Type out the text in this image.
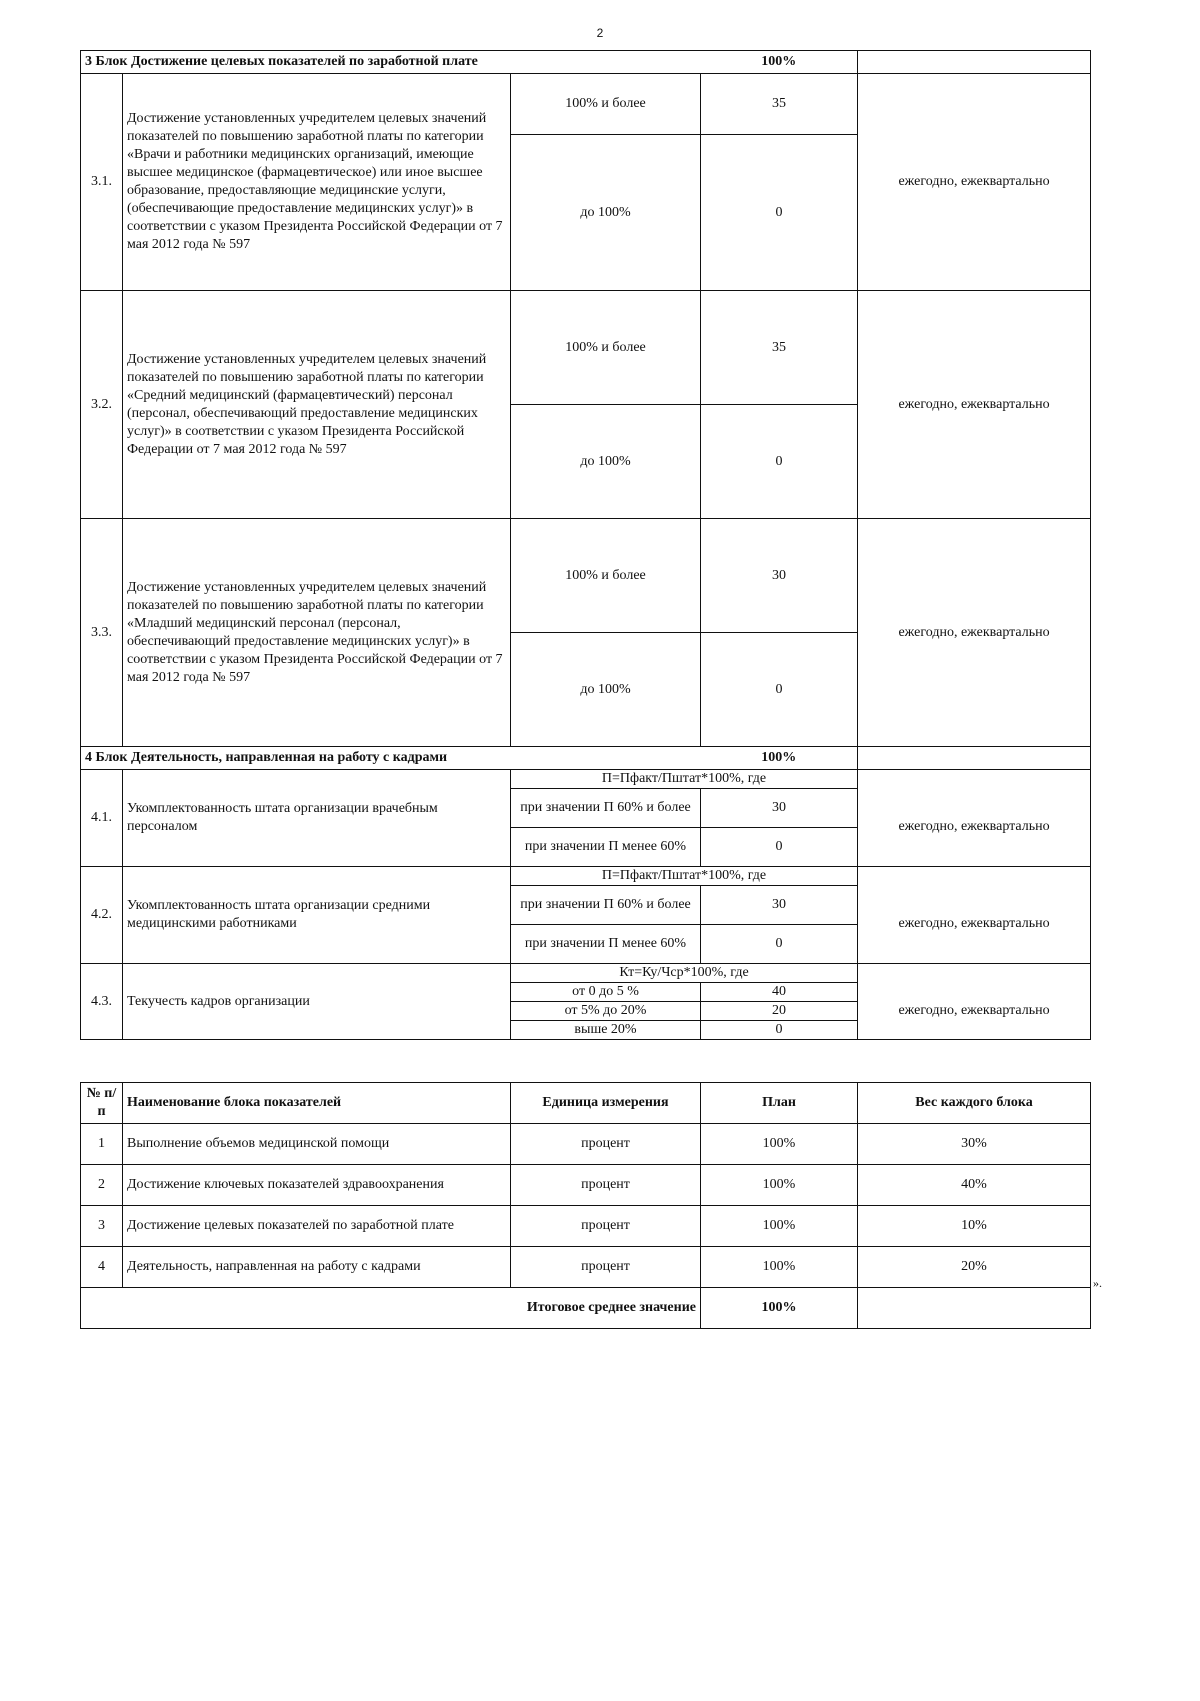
2
3 Блок Достижение целевых показателей по заработной плате			100%	
3.1.	Достижение установленных учредителем целевых значений показателей по повышению заработной платы по категории «Врачи и работники медицинских организаций, имеющие высшее медицинское (фармацевтическое) или иное высшее образование, предоставляющие медицинские услуги, (обеспечивающие предоставление медицинских услуг)» в соответствии с указом Президента Российской Федерации от 7 мая 2012 года № 597	100% и более	35	ежегодно, ежеквартально
		до 100%	0	
3.2.	Достижение установленных учредителем целевых значений показателей по повышению заработной платы по категории «Средний медицинский (фармацевтический) персонал (персонал, обеспечивающий предоставление медицинских услуг)» в соответствии с указом Президента Российской Федерации от 7 мая 2012 года № 597	100% и более	35	ежегодно, ежеквартально
		до 100%	0	
3.3.	Достижение установленных учредителем целевых значений показателей по повышению заработной платы по категории «Младший медицинский персонал (персонал, обеспечивающий предоставление медицинских услуг)» в соответствии с указом Президента Российской Федерации от 7 мая 2012 года № 597	100% и более	30	ежегодно, ежеквартально
		до 100%	0	
4 Блок Деятельность, направленная на работу с кадрами			100%	
4.1.	Укомплектованность штата организации врачебным персоналом	П=Пфакт/Пштат*100%, где		
		при значении П 60% и более	30	ежегодно, ежеквартально
		при значении П менее 60%	0	
4.2.	Укомплектованность штата организации средними медицинскими работниками	П=Пфакт/Пштат*100%, где		
		при значении П 60% и более	30	ежегодно, ежеквартально
		при значении П менее 60%	0	
4.3.	Текучесть кадров организации	Кт=Ку/Чср*100%, где		
		от 0 до 5 %	40	ежегодно, ежеквартально
		от 5% до 20%	20	
		выше 20%	0	
№ п/п	Наименование блока показателей	Единица измерения	План	Вес каждого блока
1	Выполнение объемов медицинской помощи	процент	100%	30%
2	Достижение ключевых показателей здравоохранения	процент	100%	40%
3	Достижение целевых показателей по заработной плате	процент	100%	10%
4	Деятельность, направленная на работу с кадрами	процент	100%	20%
Итоговое среднее значение			100%	
».
